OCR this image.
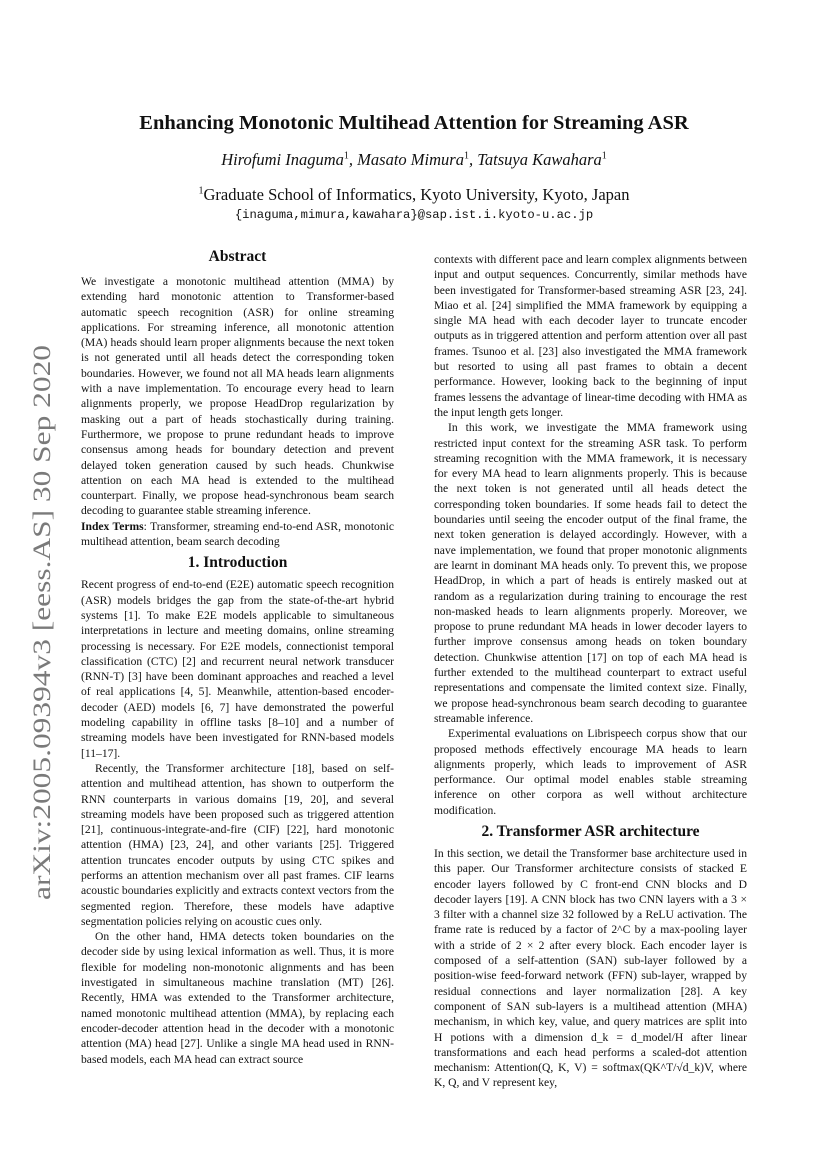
arXiv:2005.09394v3 [eess.AS] 30 Sep 2020
Enhancing Monotonic Multihead Attention for Streaming ASR
Hirofumi Inaguma$^1$, Masato Mimura$^1$, Tatsuya Kawahara$^1$
$^1$Graduate School of Informatics, Kyoto University, Kyoto, Japan
{inaguma,mimura,kawahara}@sap.ist.i.kyoto-u.ac.jp
Abstract

We investigate a monotonic multihead attention (MMA) by extending hard monotonic attention to Transformer-based automatic speech recognition (ASR) for online streaming applications. For streaming inference, all monotonic attention (MA) heads should learn proper alignments because the next token is not generated until all heads detect the corresponding token boundaries. However, we found not all MA heads learn alignments with a nave implementation. To encourage every head to learn alignments properly, we propose HeadDrop regularization by masking out a part of heads stochastically during training. Furthermore, we propose to prune redundant heads to improve consensus among heads for boundary detection and prevent delayed token generation caused by such heads. Chunkwise attention on each MA head is extended to the multihead counterpart. Finally, we propose head-synchronous beam search decoding to guarantee stable streaming inference.

Index Terms: Transformer, streaming end-to-end ASR, monotonic multihead attention, beam search decoding

1. Introduction

Recent progress of end-to-end (E2E) automatic speech recognition (ASR) models bridges the gap from the state-of-the-art hybrid systems [1]. To make E2E models applicable to simultaneous interpretations in lecture and meeting domains, online streaming processing is necessary. For E2E models, connectionist temporal classification (CTC) [2] and recurrent neural network transducer (RNN-T) [3] have been dominant approaches and reached a level of real applications [4, 5]. Meanwhile, attention-based encoder-decoder (AED) models [6, 7] have demonstrated the powerful modeling capability in offline tasks [8–10] and a number of streaming models have been investigated for RNN-based models [11–17].

Recently, the Transformer architecture [18], based on self-attention and multihead attention, has shown to outperform the RNN counterparts in various domains [19, 20], and several streaming models have been proposed such as triggered attention [21], continuous-integrate-and-fire (CIF) [22], hard monotonic attention (HMA) [23, 24], and other variants [25]. Triggered attention truncates encoder outputs by using CTC spikes and performs an attention mechanism over all past frames. CIF learns acoustic boundaries explicitly and extracts context vectors from the segmented region. Therefore, these models have adaptive segmentation policies relying on acoustic cues only.

On the other hand, HMA detects token boundaries on the decoder side by using lexical information as well. Thus, it is more flexible for modeling non-monotonic alignments and has been investigated in simultaneous machine translation (MT) [26]. Recently, HMA was extended to the Transformer architecture, named monotonic multihead attention (MMA), by replacing each encoder-decoder attention head in the decoder with a monotonic attention (MA) head [27]. Unlike a single MA head used in RNN-based models, each MA head can extract source

contexts with different pace and learn complex alignments between input and output sequences. Concurrently, similar methods have been investigated for Transformer-based streaming ASR [23, 24]. Miao et al. [24] simplified the MMA framework by equipping a single MA head with each decoder layer to truncate encoder outputs as in triggered attention and perform attention over all past frames. Tsunoo et al. [23] also investigated the MMA framework but resorted to using all past frames to obtain a decent performance. However, looking back to the beginning of input frames lessens the advantage of linear-time decoding with HMA as the input length gets longer.

In this work, we investigate the MMA framework using restricted input context for the streaming ASR task. To perform streaming recognition with the MMA framework, it is necessary for every MA head to learn alignments properly. This is because the next token is not generated until all heads detect the corresponding token boundaries. If some heads fail to detect the boundaries until seeing the encoder output of the final frame, the next token generation is delayed accordingly. However, with a nave implementation, we found that proper monotonic alignments are learnt in dominant MA heads only. To prevent this, we propose HeadDrop, in which a part of heads is entirely masked out at random as a regularization during training to encourage the rest non-masked heads to learn alignments properly. Moreover, we propose to prune redundant MA heads in lower decoder layers to further improve consensus among heads on token boundary detection. Chunkwise attention [17] on top of each MA head is further extended to the multihead counterpart to extract useful representations and compensate the limited context size. Finally, we propose head-synchronous beam search decoding to guarantee streamable inference.

Experimental evaluations on Librispeech corpus show that our proposed methods effectively encourage MA heads to learn alignments properly, which leads to improvement of ASR performance. Our optimal model enables stable streaming inference on other corpora as well without architecture modification.

2. Transformer ASR architecture

In this section, we detail the Transformer base architecture used in this paper. Our Transformer architecture consists of stacked E encoder layers followed by C front-end CNN blocks and D decoder layers [19]. A CNN block has two CNN layers with a 3 × 3 filter with a channel size 32 followed by a ReLU activation. The frame rate is reduced by a factor of 2^C by a max-pooling layer with a stride of 2 × 2 after every block. Each encoder layer is composed of a self-attention (SAN) sub-layer followed by a position-wise feed-forward network (FFN) sub-layer, wrapped by residual connections and layer normalization [28]. A key component of SAN sub-layers is a multihead attention (MHA) mechanism, in which key, value, and query matrices are split into H potions with a dimension d_k = d_model/H after linear transformations and each head performs a scaled-dot attention mechanism: Attention(Q, K, V) = softmax(QK^T/√d_k)V, where K, Q, and V represent key,
